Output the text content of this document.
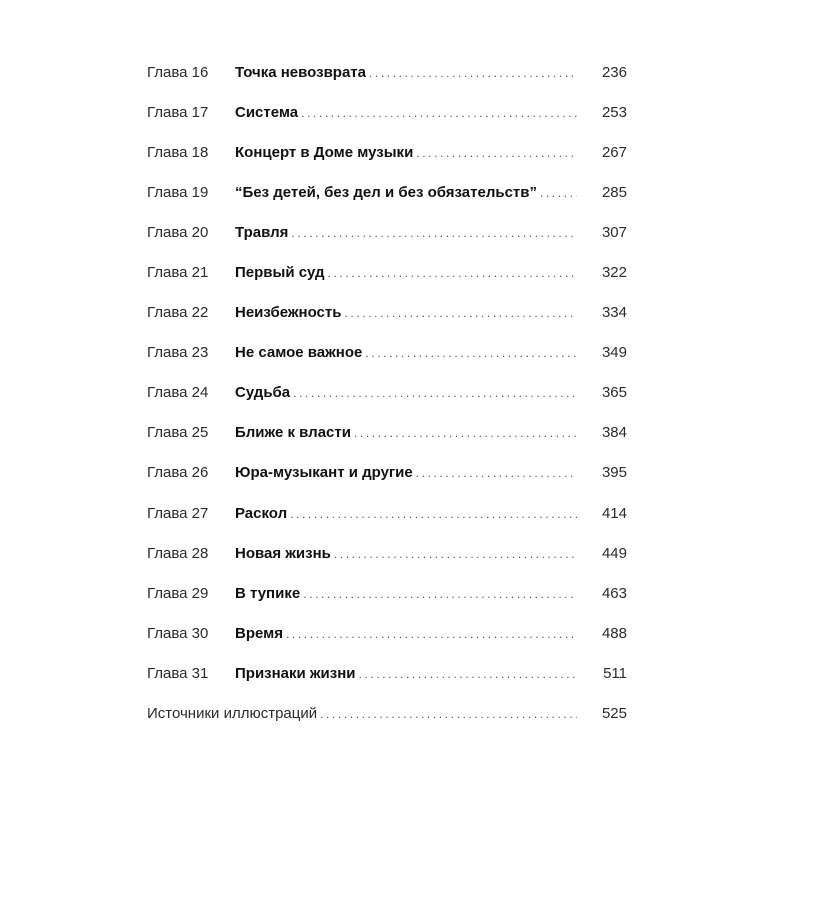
Глава 16	Точка невозврата .....	236
Глава 17	Система .....	253
Глава 18	Концерт в Доме музыки .....	267
Глава 19	“Без детей, без дел и без обязательств” .....	285
Глава 20	Травля .....	307
Глава 21	Первый суд .....	322
Глава 22	Неизбежность .....	334
Глава 23	Не самое важное .....	349
Глава 24	Судьба .....	365
Глава 25	Ближе к власти .....	384
Глава 26	Юра-музыкант и другие .....	395
Глава 27	Раскол .....	414
Глава 28	Новая жизнь .....	449
Глава 29	В тупике .....	463
Глава 30	Время .....	488
Глава 31	Признаки жизни .....	511
Источники иллюстраций .....	525
